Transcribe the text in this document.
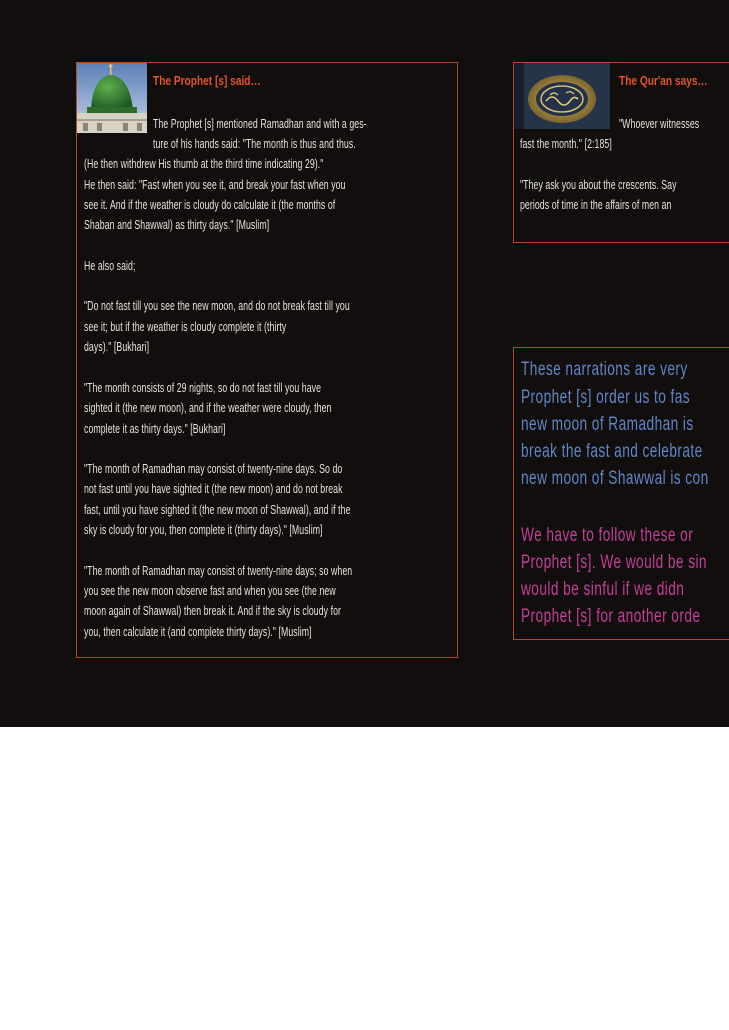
The Prophet [s] said…
The Prophet [s] mentioned Ramadhan and with a ges-
ture of his hands said: "The month is thus and thus.
(He then withdrew His thumb at the third time indicating 29)."
He then said: "Fast when you see it, and break your fast when you
see it. And if the weather is cloudy do calculate it (the months of
Shaban and Shawwal) as thirty days." [Muslim]
He also said;
"Do not fast till you see the new moon, and do not break fast till you
see it; but if the weather is cloudy complete it (thirty
days)." [Bukhari]
"The month consists of 29 nights, so do not fast till you have
sighted it (the new moon), and if the weather were cloudy, then
complete it as thirty days." [Bukhari]
"The month of Ramadhan may consist of twenty-nine days. So do
not fast until you have sighted it (the new moon) and do not break
fast, until you have sighted it (the new moon of Shawwal), and if the
sky is cloudy for you, then complete it (thirty days)." [Muslim]
"The month of Ramadhan may consist of twenty-nine days; so when
you see the new moon observe fast and when you see (the new
moon again of Shawwal) then break it. And if the sky is cloudy for
you, then calculate it (and complete thirty days)." [Muslim]
The Qur'an says…
"Whoever witnesses
fast the month." [2:185]
"They ask you about the crescents. Say
periods of time in the affairs of men an
These narrations are very
Prophet [s] order us to fas
new moon of Ramadhan is
break the fast and celebrate
new moon of Shawwal is con
We have to follow these or
Prophet [s]. We would be sin
would be sinful if we didn
Prophet [s] for another orde
